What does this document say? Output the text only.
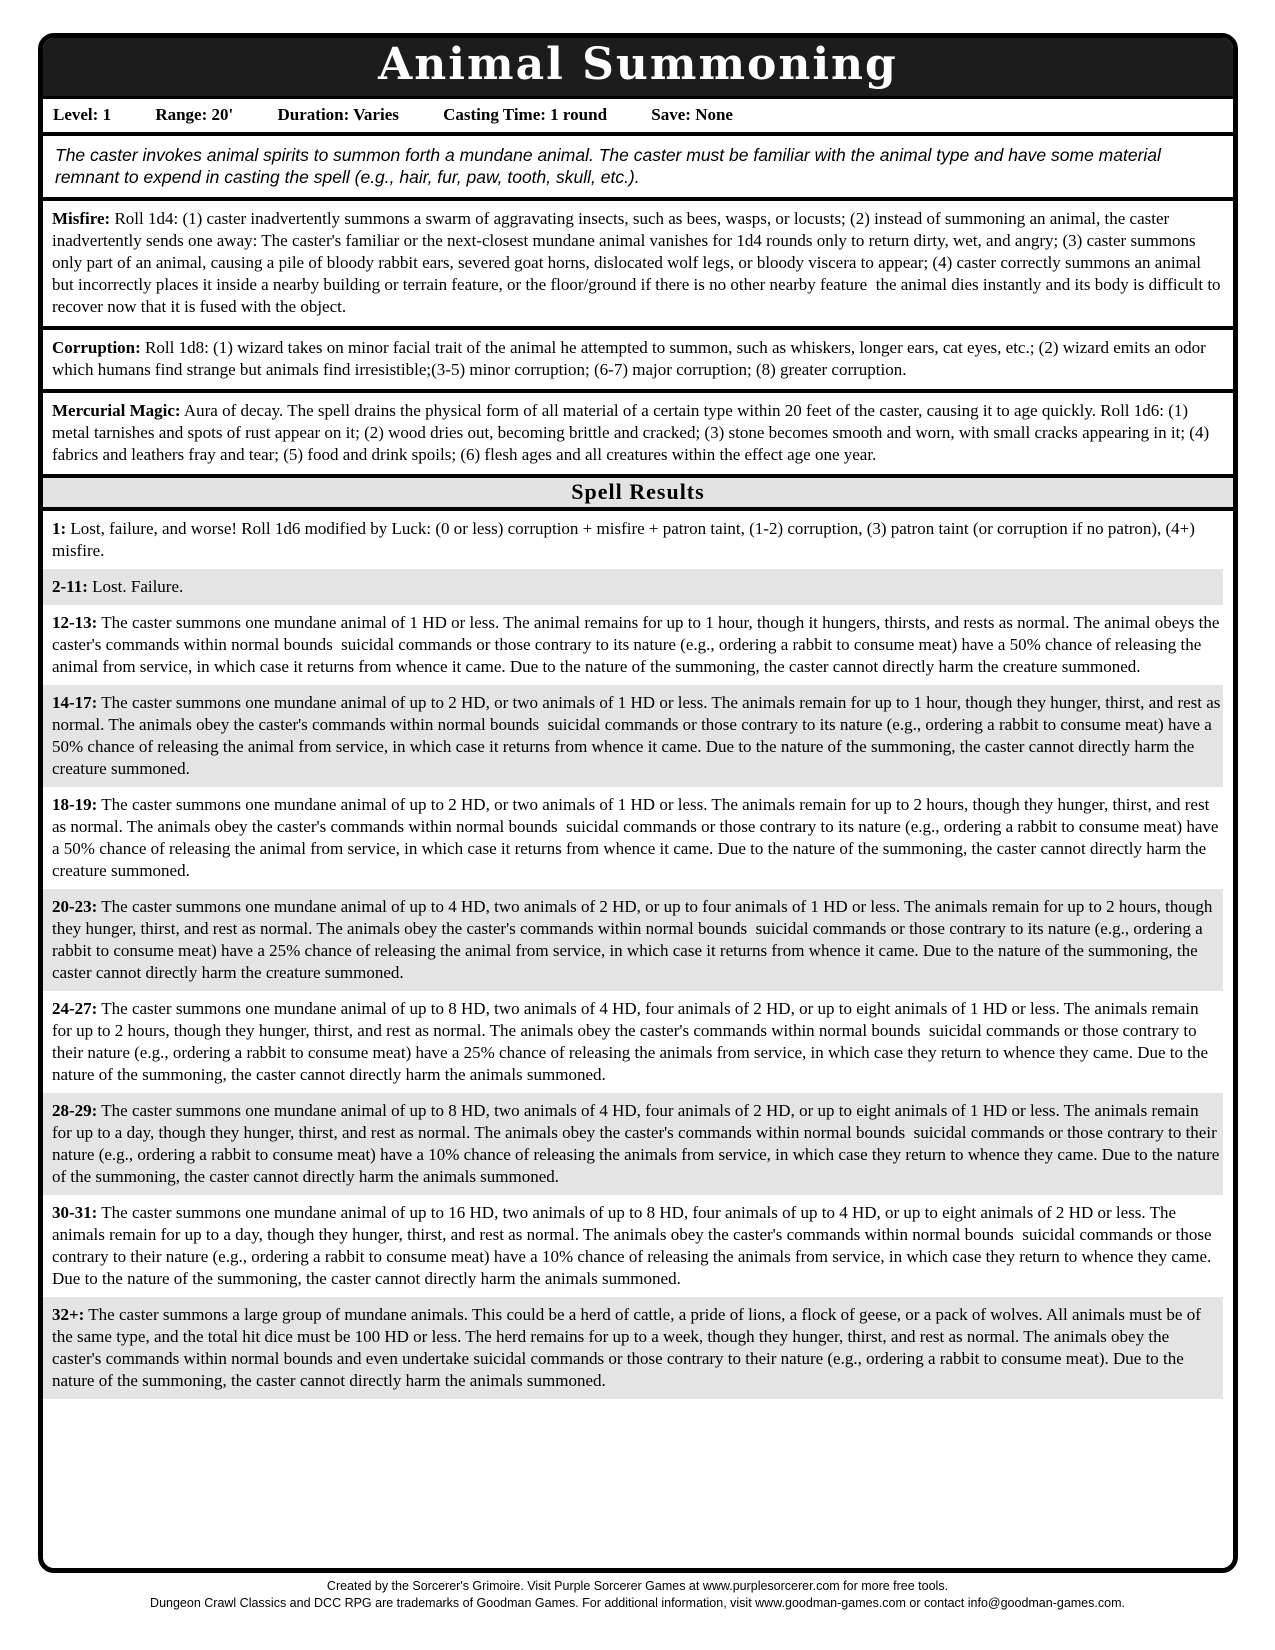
Animal Summoning
Level: 1	Range: 20'	Duration: Varies	Casting Time: 1 round	Save: None
The caster invokes animal spirits to summon forth a mundane animal. The caster must be familiar with the animal type and have some material remnant to expend in casting the spell (e.g., hair, fur, paw, tooth, skull, etc.).
Misfire: Roll 1d4: (1) caster inadvertently summons a swarm of aggravating insects, such as bees, wasps, or locusts; (2) instead of summoning an animal, the caster inadvertently sends one away: The caster's familiar or the next-closest mundane animal vanishes for 1d4 rounds only to return dirty, wet, and angry; (3) caster summons only part of an animal, causing a pile of bloody rabbit ears, severed goat horns, dislocated wolf legs, or bloody viscera to appear; (4) caster correctly summons an animal but incorrectly places it inside a nearby building or terrain feature, or the floor/ground if there is no other nearby feature  the animal dies instantly and its body is difficult to recover now that it is fused with the object.
Corruption: Roll 1d8: (1) wizard takes on minor facial trait of the animal he attempted to summon, such as whiskers, longer ears, cat eyes, etc.; (2) wizard emits an odor which humans find strange but animals find irresistible;(3-5) minor corruption; (6-7) major corruption; (8) greater corruption.
Mercurial Magic: Aura of decay. The spell drains the physical form of all material of a certain type within 20 feet of the caster, causing it to age quickly. Roll 1d6: (1) metal tarnishes and spots of rust appear on it; (2) wood dries out, becoming brittle and cracked; (3) stone becomes smooth and worn, with small cracks appearing in it; (4) fabrics and leathers fray and tear; (5) food and drink spoils; (6) flesh ages and all creatures within the effect age one year.
Spell Results
1: Lost, failure, and worse! Roll 1d6 modified by Luck: (0 or less) corruption + misfire + patron taint, (1-2) corruption, (3) patron taint (or corruption if no patron), (4+) misfire.
2-11: Lost. Failure.
12-13: The caster summons one mundane animal of 1 HD or less. The animal remains for up to 1 hour, though it hungers, thirsts, and rests as normal. The animal obeys the caster's commands within normal bounds  suicidal commands or those contrary to its nature (e.g., ordering a rabbit to consume meat) have a 50% chance of releasing the animal from service, in which case it returns from whence it came. Due to the nature of the summoning, the caster cannot directly harm the creature summoned.
14-17: The caster summons one mundane animal of up to 2 HD, or two animals of 1 HD or less. The animals remain for up to 1 hour, though they hunger, thirst, and rest as normal. The animals obey the caster's commands within normal bounds  suicidal commands or those contrary to its nature (e.g., ordering a rabbit to consume meat) have a 50% chance of releasing the animal from service, in which case it returns from whence it came. Due to the nature of the summoning, the caster cannot directly harm the creature summoned.
18-19: The caster summons one mundane animal of up to 2 HD, or two animals of 1 HD or less. The animals remain for up to 2 hours, though they hunger, thirst, and rest as normal. The animals obey the caster's commands within normal bounds  suicidal commands or those contrary to its nature (e.g., ordering a rabbit to consume meat) have a 50% chance of releasing the animal from service, in which case it returns from whence it came. Due to the nature of the summoning, the caster cannot directly harm the creature summoned.
20-23: The caster summons one mundane animal of up to 4 HD, two animals of 2 HD, or up to four animals of 1 HD or less. The animals remain for up to 2 hours, though they hunger, thirst, and rest as normal. The animals obey the caster's commands within normal bounds  suicidal commands or those contrary to its nature (e.g., ordering a rabbit to consume meat) have a 25% chance of releasing the animal from service, in which case it returns from whence it came. Due to the nature of the summoning, the caster cannot directly harm the creature summoned.
24-27: The caster summons one mundane animal of up to 8 HD, two animals of 4 HD, four animals of 2 HD, or up to eight animals of 1 HD or less. The animals remain for up to 2 hours, though they hunger, thirst, and rest as normal. The animals obey the caster's commands within normal bounds  suicidal commands or those contrary to their nature (e.g., ordering a rabbit to consume meat) have a 25% chance of releasing the animals from service, in which case they return to whence they came. Due to the nature of the summoning, the caster cannot directly harm the animals summoned.
28-29: The caster summons one mundane animal of up to 8 HD, two animals of 4 HD, four animals of 2 HD, or up to eight animals of 1 HD or less. The animals remain for up to a day, though they hunger, thirst, and rest as normal. The animals obey the caster's commands within normal bounds  suicidal commands or those contrary to their nature (e.g., ordering a rabbit to consume meat) have a 10% chance of releasing the animals from service, in which case they return to whence they came. Due to the nature of the summoning, the caster cannot directly harm the animals summoned.
30-31: The caster summons one mundane animal of up to 16 HD, two animals of up to 8 HD, four animals of up to 4 HD, or up to eight animals of 2 HD or less. The animals remain for up to a day, though they hunger, thirst, and rest as normal. The animals obey the caster's commands within normal bounds  suicidal commands or those contrary to their nature (e.g., ordering a rabbit to consume meat) have a 10% chance of releasing the animals from service, in which case they return to whence they came. Due to the nature of the summoning, the caster cannot directly harm the animals summoned.
32+: The caster summons a large group of mundane animals. This could be a herd of cattle, a pride of lions, a flock of geese, or a pack of wolves. All animals must be of the same type, and the total hit dice must be 100 HD or less. The herd remains for up to a week, though they hunger, thirst, and rest as normal. The animals obey the caster's commands within normal bounds and even undertake suicidal commands or those contrary to their nature (e.g., ordering a rabbit to consume meat). Due to the nature of the summoning, the caster cannot directly harm the animals summoned.
Created by the Sorcerer's Grimoire. Visit Purple Sorcerer Games at www.purplesorcerer.com for more free tools.
Dungeon Crawl Classics and DCC RPG are trademarks of Goodman Games. For additional information, visit www.goodman-games.com or contact info@goodman-games.com.
